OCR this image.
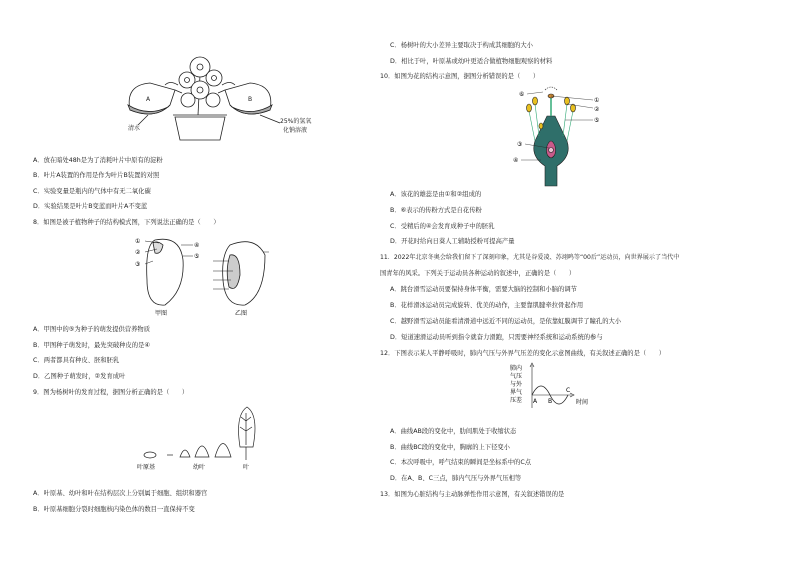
A	B
清水
25%的氢氧
化钠溶液
A．放在暗处48h是为了消耗叶片中原有的淀粉
B．叶片A装置的作用是作为叶片B装置的对照
C．实验变量是瓶内的气体中有无二氧化碳
D．实验结果是叶片B变蓝而叶片A不变蓝
8．如图是被子植物种子的结构模式图，下列说法正确的是（　　）
①
②
③
④
⑤
甲图	乙图
A．甲图中的⑤为种子的萌发提供营养物质
B．甲图种子萌发时，最先突破种皮的是④
C．两者都具有种皮、胚和胚乳
D．乙图种子萌发时，②发育成叶
9．图为杨树叶的发育过程，据图分析正确的是（　　）
叶原基	幼叶	叶
A．叶原基、幼叶和叶在结构层次上分别属于细胞、组织和器官
B．叶原基细胞分裂时细胞核内染色体的数目一直保持不变
C．杨树叶的大小差异主要取决于构成其细胞的大小
D．相比于叶，叶原基或幼叶更适合做植物细胞观察的材料
10．如图为花的结构示意图，据图分析错误的是（　　）
⑥
①
②
⑤
③
④
A．该花的雄蕊是由①和②组成的
B．⑥表示的传粉方式是自花传粉
C．受精后的④会发育成种子中的胚乳
D．开花时给向日葵人工辅助授粉可提高产量
11．2022年北京冬奥会给我们留下了深刻印象，尤其是谷爱凌、苏翊鸣等“00后”运动员，向世界展示了当代中
国青年的风采。下列关于运动员各种运动的叙述中，正确的是（　　）
A．跳台滑雪运动员要保持身体平衡，需要大脑的控制和小脑的调节
B．花样滑冰运动员完成旋转、优美的动作，主要靠肌腱牵拉骨起作用
C．越野滑雪运动员能看清滑道中远近不同的运动员，是依靠虹膜调节了瞳孔的大小
D．短道速滑运动员听到指令就奋力滑跑，只需要神经系统和运动系统的参与
12．下图表示某人平静呼吸时，肺内气压与外界气压差的变化示意图曲线，有关叙述正确的是（　　）
肺内
气压
与外
界气
压差 A B
C
时间
A．曲线AB段的变化中，肋间肌处于收缩状态
B．曲线BC段的变化中，胸廓的上下径变小
C．本次呼吸中，呼气结束的瞬间是坐标系中的C点
D．在A、B、C三点，肺内气压与外界气压相等
13．如图为心脏结构与主动脉弹性作用示意图，有关叙述错误的是
